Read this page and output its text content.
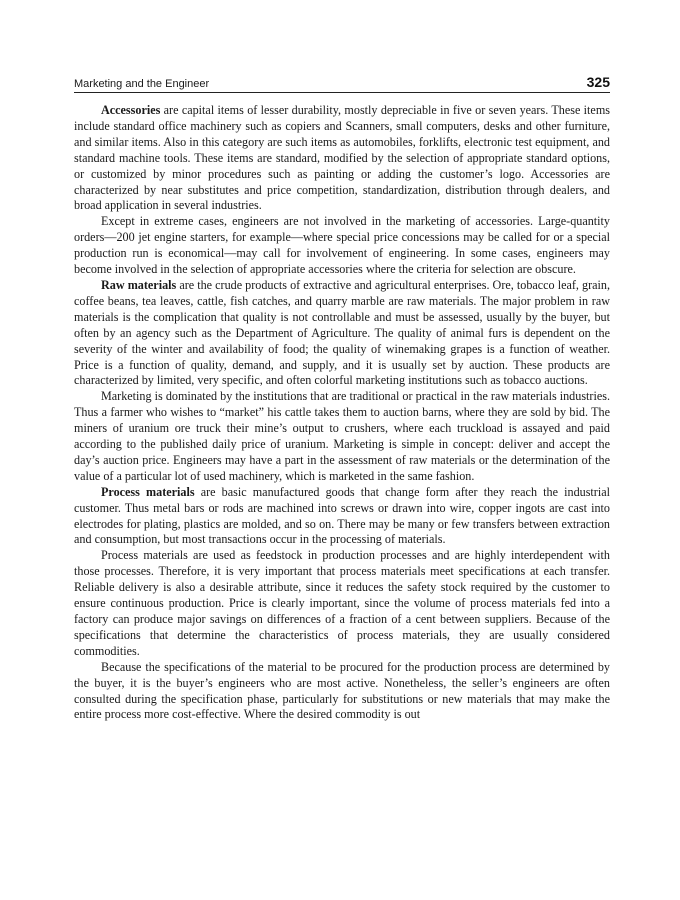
Marketing and the Engineer	325

Accessories are capital items of lesser durability, mostly depreciable in five or seven years. These items include standard office machinery such as copiers and Scanners, small computers, desks and other furniture, and similar items. Also in this category are such items as automobiles, forklifts, electronic test equipment, and standard machine tools. These items are standard, modified by the selection of appropriate standard options, or customized by minor procedures such as painting or adding the customer’s logo. Accessories are characterized by near substitutes and price competition, standardization, distribution through dealers, and broad application in several industries.

Except in extreme cases, engineers are not involved in the marketing of accessories. Large-quantity orders—200 jet engine starters, for example—where special price concessions may be called for or a special production run is economical—may call for involvement of engineering. In some cases, engineers may become involved in the selection of appropriate accessories where the criteria for selection are obscure.

Raw materials are the crude products of extractive and agricultural enterprises. Ore, tobacco leaf, grain, coffee beans, tea leaves, cattle, fish catches, and quarry marble are raw materials. The major problem in raw materials is the complication that quality is not controllable and must be assessed, usually by the buyer, but often by an agency such as the Department of Agriculture. The quality of animal furs is dependent on the severity of the winter and availability of food; the quality of winemaking grapes is a function of weather. Price is a function of quality, demand, and supply, and it is usually set by auction. These products are characterized by limited, very specific, and often colorful marketing institutions such as tobacco auctions.

Marketing is dominated by the institutions that are traditional or practical in the raw materials industries. Thus a farmer who wishes to “market” his cattle takes them to auction barns, where they are sold by bid. The miners of uranium ore truck their mine’s output to crushers, where each truckload is assayed and paid according to the published daily price of uranium. Marketing is simple in concept: deliver and accept the day’s auction price. Engineers may have a part in the assessment of raw materials or the determination of the value of a particular lot of used machinery, which is marketed in the same fashion.

Process materials are basic manufactured goods that change form after they reach the industrial customer. Thus metal bars or rods are machined into screws or drawn into wire, copper ingots are cast into electrodes for plating, plastics are molded, and so on. There may be many or few transfers between extraction and consumption, but most transactions occur in the processing of materials.

Process materials are used as feedstock in production processes and are highly interdependent with those processes. Therefore, it is very important that process materials meet specifications at each transfer. Reliable delivery is also a desirable attribute, since it reduces the safety stock required by the customer to ensure continuous production. Price is clearly important, since the volume of process materials fed into a factory can produce major savings on differences of a fraction of a cent between suppliers. Because of the specifications that determine the characteristics of process materials, they are usually considered commodities.

Because the specifications of the material to be procured for the production process are determined by the buyer, it is the buyer’s engineers who are most active. Nonetheless, the seller’s engineers are often consulted during the specification phase, particularly for substitutions or new materials that may make the entire process more cost-effective. Where the desired commodity is out
